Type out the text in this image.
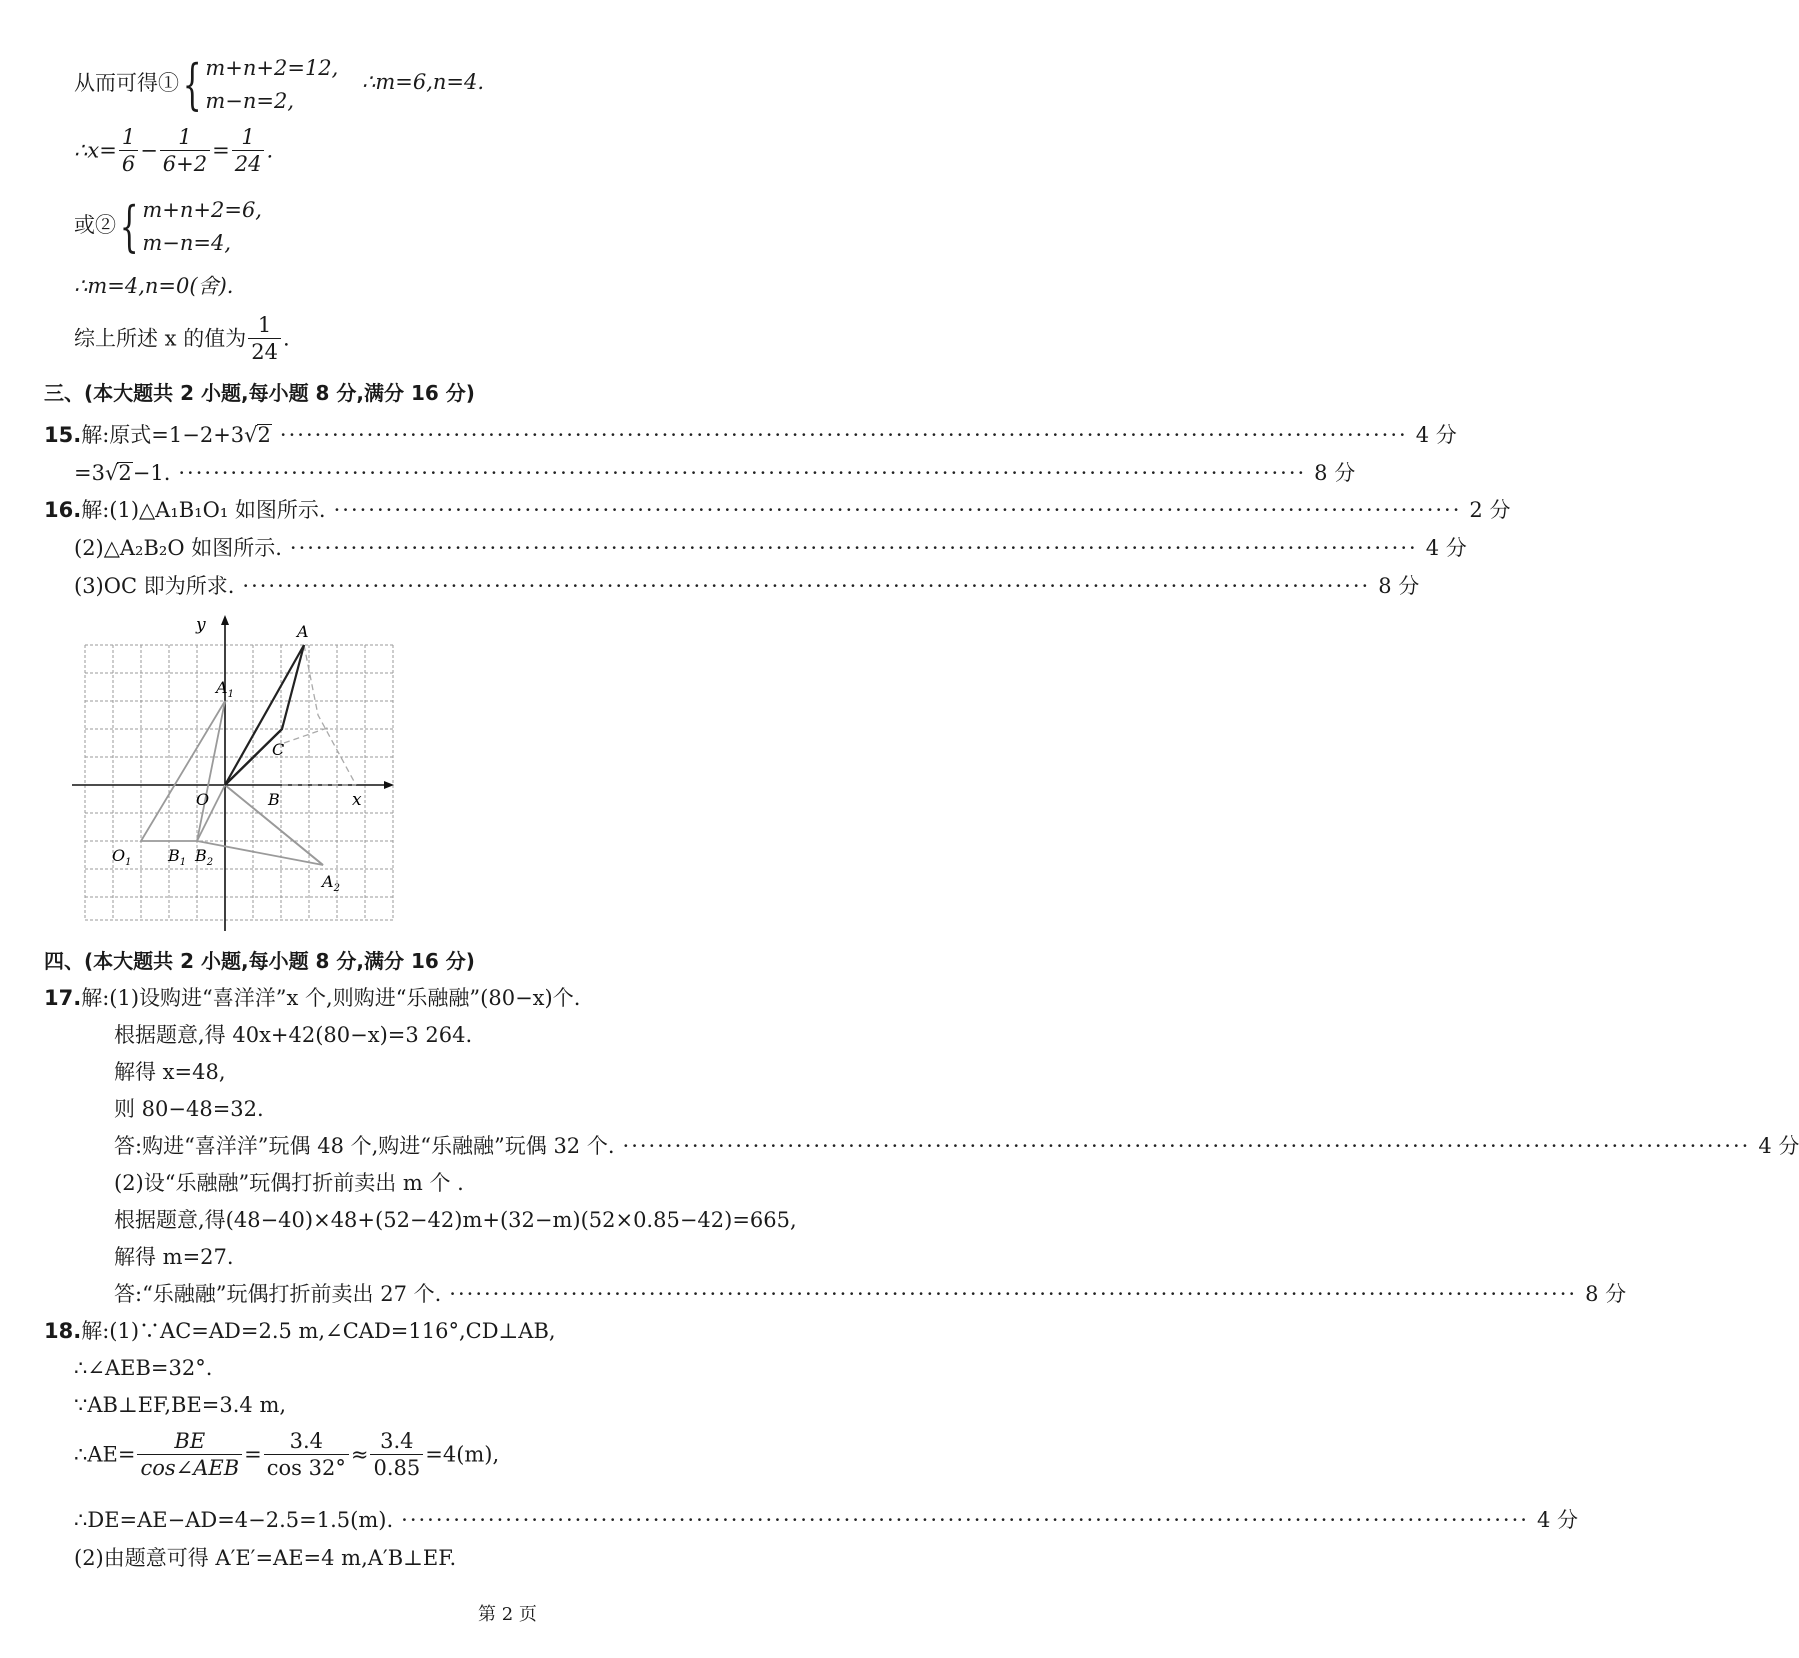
从而可得① { m+n+2=12,
m−n=2,
∴m=6,n=4.
∴x= $\frac{1}{6} - \frac{1}{6+2} = \frac{1}{24}$ .
或② { m+n+2=6,
m−n=4,
∴m=4,n=0(舍).
综上所述 x 的值为 $\frac{1}{24}$ .
三、(本大题共 2 小题,每小题 8 分,满分 16 分)
15. 解:原式=1−2+3 √ 2 ·································································································································· 4 分
=3 √ 2 −1. ·································································································································· 8 分
16. 解:(1)△A₁B₁O₁ 如图所示. ·································································································································· 2 分
(2)△A₂B₂O 如图所示. ·································································································································· 4 分
(3)OC 即为所求. ·································································································································· 8 分
y
x
O
A
B
C
$A_1$
$O_1$ $B_1$ $B_2$
$A_2$
四、(本大题共 2 小题,每小题 8 分,满分 16 分)
17.解:(1)设购进“喜洋洋”x 个,则购进“乐融融”(80−x)个.
根据题意,得 40x+42(80−x)=3 264.
解得 x=48,
则 80−48=32.
答:购进“喜洋洋”玩偶 48 个,购进“乐融融”玩偶 32 个. ·································································································································· 4 分
(2)设“乐融融”玩偶打折前卖出 m 个 .
根据题意,得(48−40)×48+(52−42)m+(32−m)(52×0.85−42)=665,
解得 m=27.
答:“乐融融”玩偶打折前卖出 27 个. ·································································································································· 8 分
18.解:(1)∵AC=AD=2.5 m,∠CAD=116°,CD⊥AB,
∴∠AEB=32°.
∵AB⊥EF,BE=3.4 m,
∴AE= $\frac{BE}{\text{cos∠AEB}} = \frac{3.4}{\cos 32^\circ} \approx \frac{3.4}{0.85} =4(m)$,
∴DE=AE−AD=4−2.5=1.5(m). ·································································································································· 4 分
(2)由题意可得 A′E′=AE=4 m,A′B⊥EF.
第 2 页
